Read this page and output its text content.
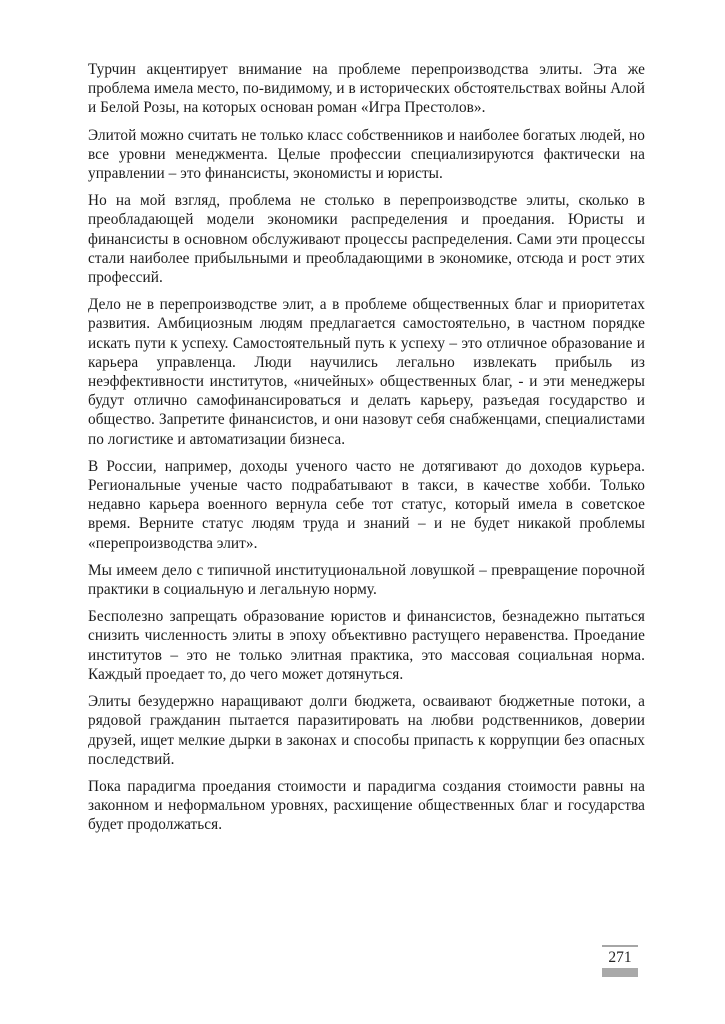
Турчин акцентирует внимание на проблеме перепроизводства элиты. Эта же проблема имела место, по-видимому, и в исторических обстоятельствах войны Алой и Белой Розы, на которых основан роман «Игра Престолов».

Элитой можно считать не только класс собственников и наиболее богатых людей, но все уровни менеджмента. Целые профессии специализируются фактически на управлении – это финансисты, экономисты и юристы.

Но на мой взгляд, проблема не столько в перепроизводстве элиты, сколько в преобладающей модели экономики распределения и проедания. Юристы и финансисты в основном обслуживают процессы распределения. Сами эти процессы стали наиболее прибыльными и преобладающими в экономике, отсюда и рост этих профессий.

Дело не в перепроизводстве элит, а в проблеме общественных благ и приоритетах развития. Амбициозным людям предлагается самостоятельно, в частном порядке искать пути к успеху. Самостоятельный путь к успеху – это отличное образование и карьера управленца. Люди научились легально извлекать прибыль из неэффективности институтов, «ничейных» общественных благ, - и эти менеджеры будут отлично самофинансироваться и делать карьеру, разъедая государство и общество. Запретите финансистов, и они назовут себя снабженцами, специалистами по логистике и автоматизации бизнеса.

В России, например, доходы ученого часто не дотягивают до доходов курьера. Региональные ученые часто подрабатывают в такси, в качестве хобби. Только недавно карьера военного вернула себе тот статус, который имела в советское время. Верните статус людям труда и знаний – и не будет никакой проблемы «перепроизводства элит».

Мы имеем дело с типичной институциональной ловушкой – превращение порочной практики в социальную и легальную норму.

Бесполезно запрещать образование юристов и финансистов, безнадежно пытаться снизить численность элиты в эпоху объективно растущего неравенства. Проедание институтов – это не только элитная практика, это массовая социальная норма. Каждый проедает то, до чего может дотянуться.

Элиты безудержно наращивают долги бюджета, осваивают бюджетные потоки, а рядовой гражданин пытается паразитировать на любви родственников, доверии друзей, ищет мелкие дырки в законах и способы припасть к коррупции без опасных последствий.

Пока парадигма проедания стоимости и парадигма создания стоимости равны на законном и неформальном уровнях, расхищение общественных благ и государства будет продолжаться.

271
